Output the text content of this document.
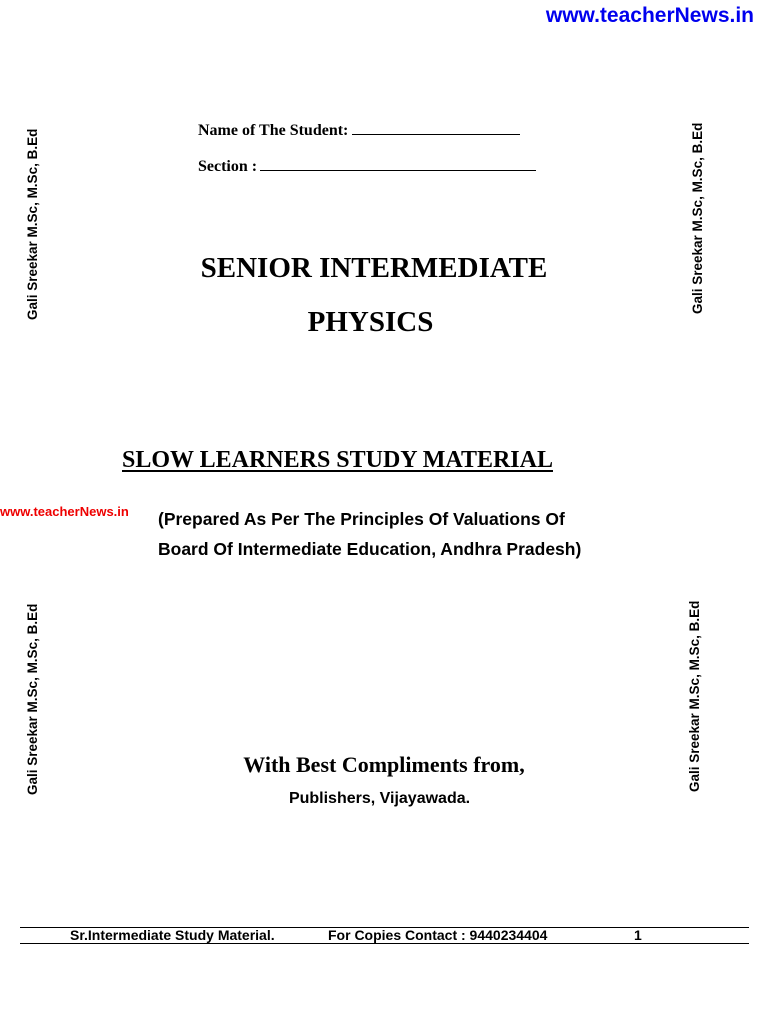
www.teacherNews.in
www.teacherNews.in
Gali Sreekar M.Sc, M.Sc, B.Ed	Gali Sreekar M.Sc, M.Sc, B.Ed
Gali Sreekar M.Sc, M.Sc, B.Ed	Gali Sreekar M.Sc, M.Sc, B.Ed
Name of The Student:
Section :
SENIOR INTERMEDIATE
PHYSICS
SLOW LEARNERS STUDY MATERIAL
(Prepared As Per The Principles Of Valuations Of
Board Of Intermediate Education, Andhra Pradesh)
With Best Compliments from,
Publishers, Vijayawada.
Sr.Intermediate Study Material.	For Copies Contact : 9440234404	1
